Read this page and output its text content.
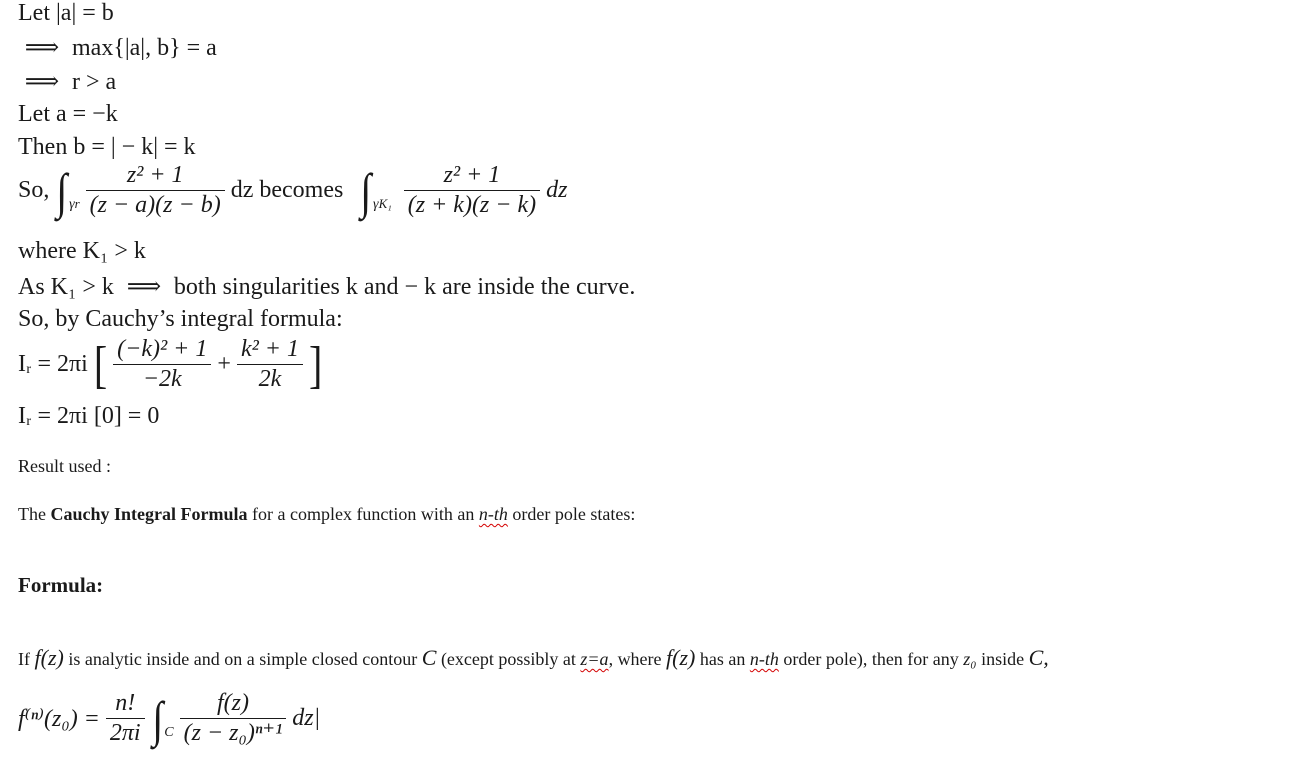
Let |a| = b
⟹ max{|a|, b} = a
⟹ r > a
Let a = −k
Then b = | − k| = k
So, $\int_{\gamma r} \frac{\text{z² + 1}}{(z - a)(z - b)}$ dz becomes $\int_{\gamma K_1} \frac{\text{z² + 1}}{(z + k)(z - k)}$ dz
where K₁ > k
As K₁ > k ⟹ both singularities k and − k are inside the curve.
So, by Cauchy’s integral formula:
Iᵣ = 2πi [ $\frac{\text{(−k)² + 1}}{-2k} + \frac{\text{k² + 1}}{2k}$ ]
Iᵣ = 2πi [0] = 0
Result used :
The Cauchy Integral Formula for a complex function with an n-th order pole states:
Formula:
If f(z) is analytic inside and on a simple closed contour C (except possibly at z=a, where f(z) has an n-th order pole), then for any z₀ inside C,
$f^{(n)}(z_0) = \frac{n!}{2\pi i} \int_C \frac{f(z)}{\text{(z − z₀)ⁿ⁺¹}} dz|$
